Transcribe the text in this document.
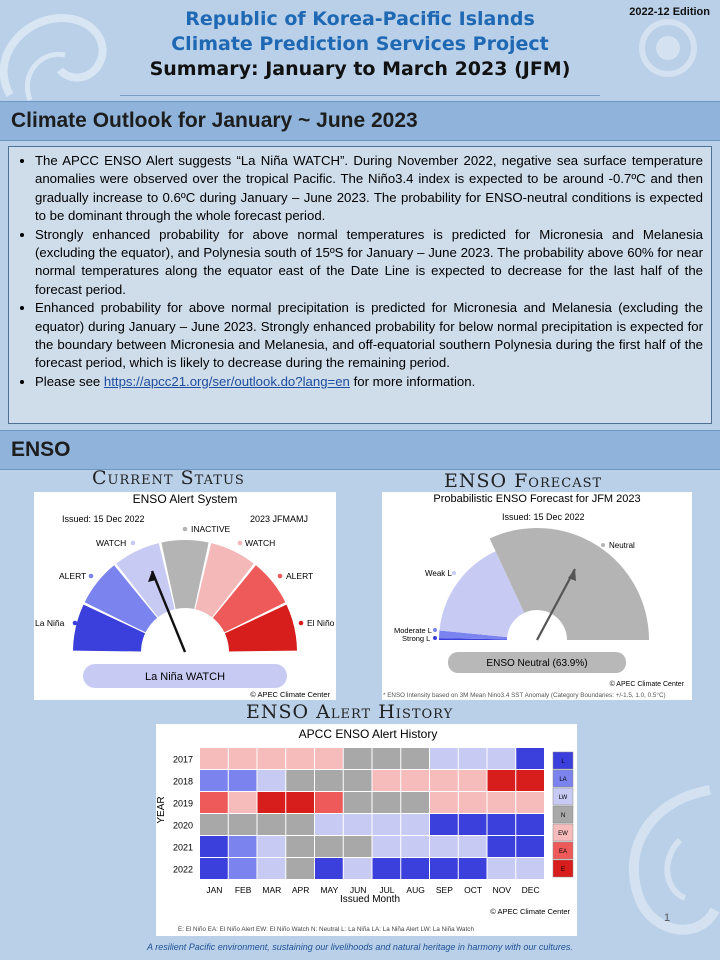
Republic of Korea-Pacific Islands
Climate Prediction Services Project
Summary: January to March 2023 (JFM)
2022-12 Edition
Climate Outlook for January ~ June 2023
• The APCC ENSO Alert suggests “La Niña WATCH”. During November 2022, negative sea surface temperature anomalies were observed over the tropical Pacific. The Niño3.4 index is expected to be around -0.7ºC and then gradually increase to 0.6ºC during January – June 2023. The probability for ENSO-neutral conditions is expected to be dominant through the whole forecast period.
• Strongly enhanced probability for above normal temperatures is predicted for Micronesia and Melanesia (excluding the equator), and Polynesia south of 15ºS for January – June 2023. The probability above 60% for near normal temperatures along the equator east of the Date Line is expected to decrease for the last half of the forecast period.
• Enhanced probability for above normal precipitation is predicted for Micronesia and Melanesia (excluding the equator) during January – June 2023. Strongly enhanced probability for below normal precipitation is expected for the boundary between Micronesia and Melanesia, and off-equatorial southern Polynesia during the first half of the forecast period, which is likely to decrease during the remaining period.
• Please see https://apcc21.org/ser/outlook.do?lang=en for more information.
ENSO
Current Status	ENSO Forecast
ENSO Alert System
Issued: 15 Dec 2022	2023 JFMAMJ
La Niña
ALERT
WATCH
INACTIVE
WATCH
ALERT
El Niño
La Niña WATCH
© APEC Climate Center
Probabilistic ENSO Forecast for JFM 2023
Issued: 15 Dec 2022
Neutral
Weak L
Moderate L
Strong L
ENSO Neutral (63.9%)
© APEC Climate Center
* ENSO Intensity based on 3M Mean Nino3.4 SST Anomaly (Category Boundaries: +/-1.5, 1.0, 0.5°C)
ENSO Alert History
APCC ENSO Alert History
Issued Month
YEAR
© APEC Climate Center
E: El Niño EA: El Niño Alert EW: El Niño Watch N: Neutral L: La Niña LA: La Niña Alert LW: La Niña Watch
2017
2018
2019
2020
2021
2022
JAN FEB MAR APR MAY JUN JUL AUG SEP OCT NOV DEC
L
LA
LW
N
EW
EA
E
1
A resilient Pacific environment, sustaining our livelihoods and natural heritage in harmony with our cultures.
